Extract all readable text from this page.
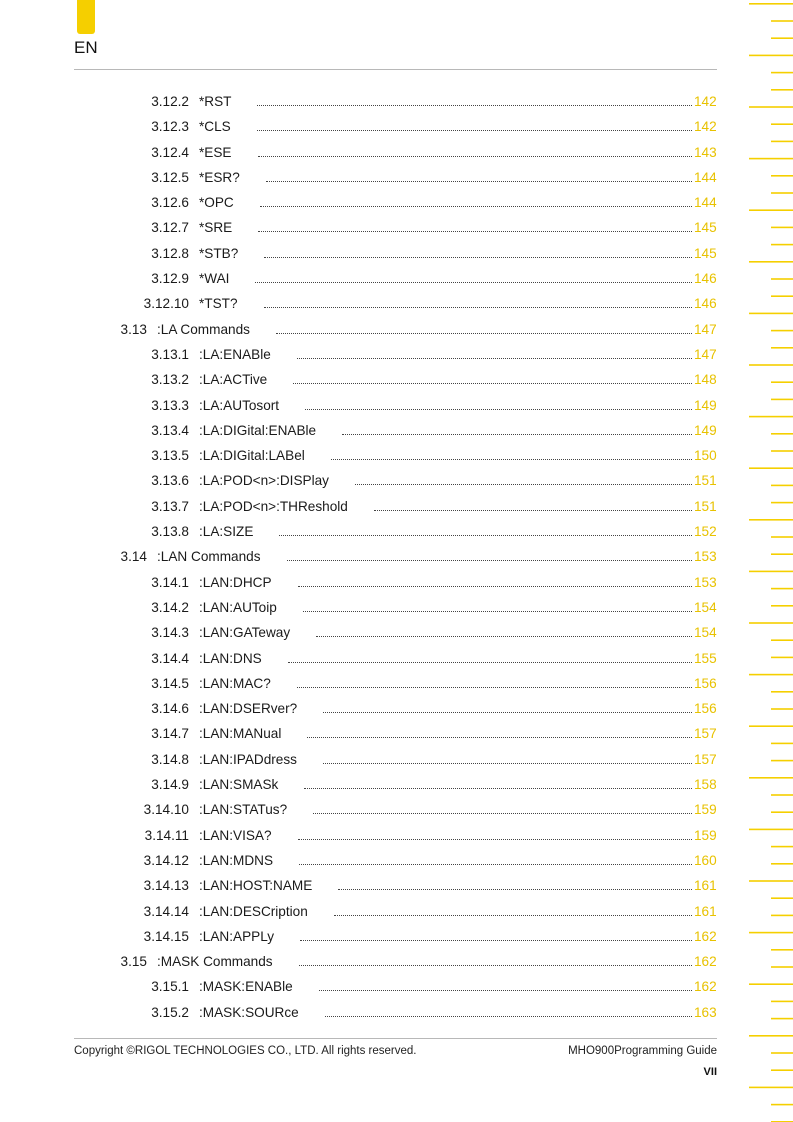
EN
3.12.2 *RST	142
3.12.3 *CLS	142
3.12.4 *ESE	143
3.12.5 *ESR?	144
3.12.6 *OPC	144
3.12.7 *SRE	145
3.12.8 *STB?	145
3.12.9 *WAI	146
3.12.10 *TST?	146
3.13 :LA Commands	147
3.13.1 :LA:ENABle	147
3.13.2 :LA:ACTive	148
3.13.3 :LA:AUTosort	149
3.13.4 :LA:DIGital:ENABle	149
3.13.5 :LA:DIGital:LABel	150
3.13.6 :LA:POD<n>:DISPlay	151
3.13.7 :LA:POD<n>:THReshold	151
3.13.8 :LA:SIZE	152
3.14 :LAN Commands	153
3.14.1 :LAN:DHCP	153
3.14.2 :LAN:AUToip	154
3.14.3 :LAN:GATeway	154
3.14.4 :LAN:DNS	155
3.14.5 :LAN:MAC?	156
3.14.6 :LAN:DSERver?	156
3.14.7 :LAN:MANual	157
3.14.8 :LAN:IPADdress	157
3.14.9 :LAN:SMASk	158
3.14.10 :LAN:STATus?	159
3.14.11 :LAN:VISA?	159
3.14.12 :LAN:MDNS	160
3.14.13 :LAN:HOST:NAME	161
3.14.14 :LAN:DESCription	161
3.14.15 :LAN:APPLy	162
3.15 :MASK Commands	162
3.15.1 :MASK:ENABle	162
3.15.2 :MASK:SOURce	163
Copyright ©RIGOL TECHNOLOGIES CO., LTD. All rights reserved.	MHO900Programming Guide
VII
